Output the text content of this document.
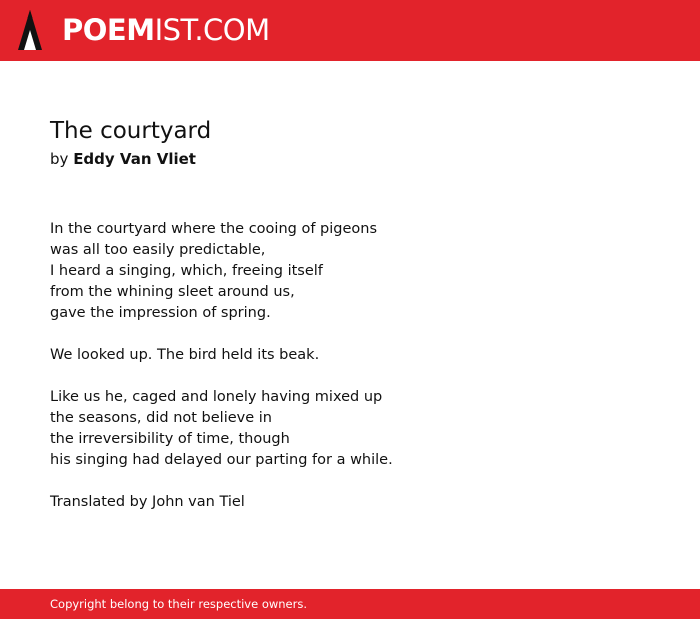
POEMIST.COM
The courtyard
by Eddy Van Vliet
In the courtyard where the cooing of pigeons
was all too easily predictable,
I heard a singing, which, freeing itself
from the whining sleet around us,
gave the impression of spring.
We looked up. The bird held its beak.
Like us he, caged and lonely having mixed up
the seasons, did not believe in
the irreversibility of time, though
his singing had delayed our parting for a while.
Translated by John van Tiel
Copyright belong to their respective owners.
